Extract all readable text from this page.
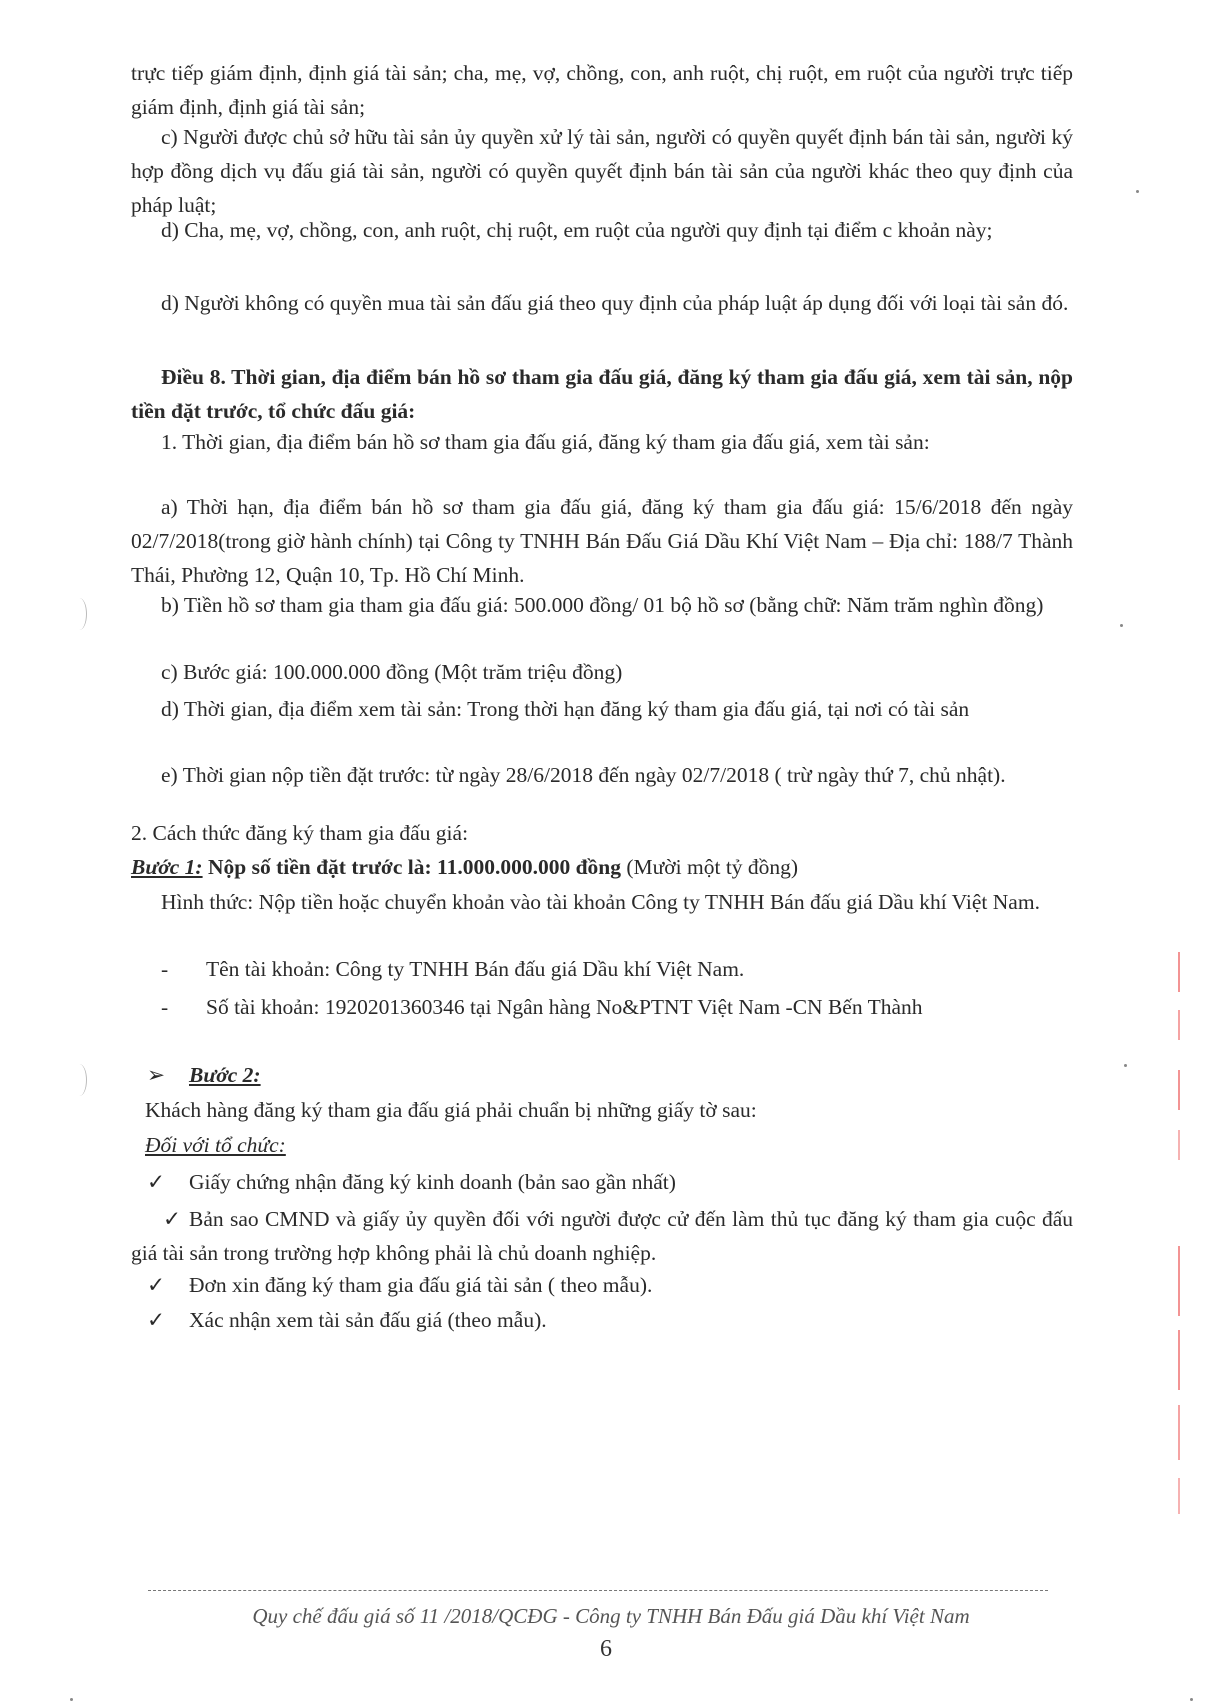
trực tiếp giám định, định giá tài sản; cha, mẹ, vợ, chồng, con, anh ruột, chị ruột, em ruột của người trực tiếp giám định, định giá tài sản;

c) Người được chủ sở hữu tài sản ủy quyền xử lý tài sản, người có quyền quyết định bán tài sản, người ký hợp đồng dịch vụ đấu giá tài sản, người có quyền quyết định bán tài sản của người khác theo quy định của pháp luật;

d) Cha, mẹ, vợ, chồng, con, anh ruột, chị ruột, em ruột của người quy định tại điểm c khoản này;

d) Người không có quyền mua tài sản đấu giá theo quy định của pháp luật áp dụng đối với loại tài sản đó.

Điều 8. Thời gian, địa điểm bán hồ sơ tham gia đấu giá, đăng ký tham gia đấu giá, xem tài sản, nộp tiền đặt trước, tổ chức đấu giá:

1. Thời gian, địa điểm bán hồ sơ tham gia đấu giá, đăng ký tham gia đấu giá, xem tài sản:

a) Thời hạn, địa điểm bán hồ sơ tham gia đấu giá, đăng ký tham gia đấu giá: 15/6/2018 đến ngày 02/7/2018(trong giờ hành chính) tại Công ty TNHH Bán Đấu Giá Dầu Khí Việt Nam – Địa chỉ: 188/7 Thành Thái, Phường 12, Quận 10, Tp. Hồ Chí Minh.

b) Tiền hồ sơ tham gia tham gia đấu giá: 500.000 đồng/ 01 bộ hồ sơ (bằng chữ: Năm trăm nghìn đồng)

c) Bước giá: 100.000.000 đồng (Một trăm triệu đồng)

d) Thời gian, địa điểm xem tài sản: Trong thời hạn đăng ký tham gia đấu giá, tại nơi có tài sản

e) Thời gian nộp tiền đặt trước: từ ngày 28/6/2018 đến ngày 02/7/2018 ( trừ ngày thứ 7, chủ nhật).

2. Cách thức đăng ký tham gia đấu giá:

Bước 1: Nộp số tiền đặt trước là: 11.000.000.000 đồng (Mười một tỷ đồng)

Hình thức: Nộp tiền hoặc chuyển khoản vào tài khoản Công ty TNHH Bán đấu giá Dầu khí Việt Nam.

- Tên tài khoản: Công ty TNHH Bán đấu giá Dầu khí Việt Nam.

- Số tài khoản: 1920201360346 tại Ngân hàng No&PTNT Việt Nam -CN Bến Thành

➢ Bước 2:

Khách hàng đăng ký tham gia đấu giá phải chuẩn bị những giấy tờ sau:

Đối với tổ chức:

✓ Giấy chứng nhận đăng ký kinh doanh (bản sao gần nhất)

✓ Bản sao CMND và giấy ủy quyền đối với người được cử đến làm thủ tục đăng ký tham gia cuộc đấu giá tài sản trong trường hợp không phải là chủ doanh nghiệp.

✓ Đơn xin đăng ký tham gia đấu giá tài sản ( theo mẫu).

✓ Xác nhận xem tài sản đấu giá (theo mẫu).

Quy chế đấu giá số 11 /2018/QCĐG - Công ty TNHH Bán Đấu giá Dầu khí Việt Nam
6
